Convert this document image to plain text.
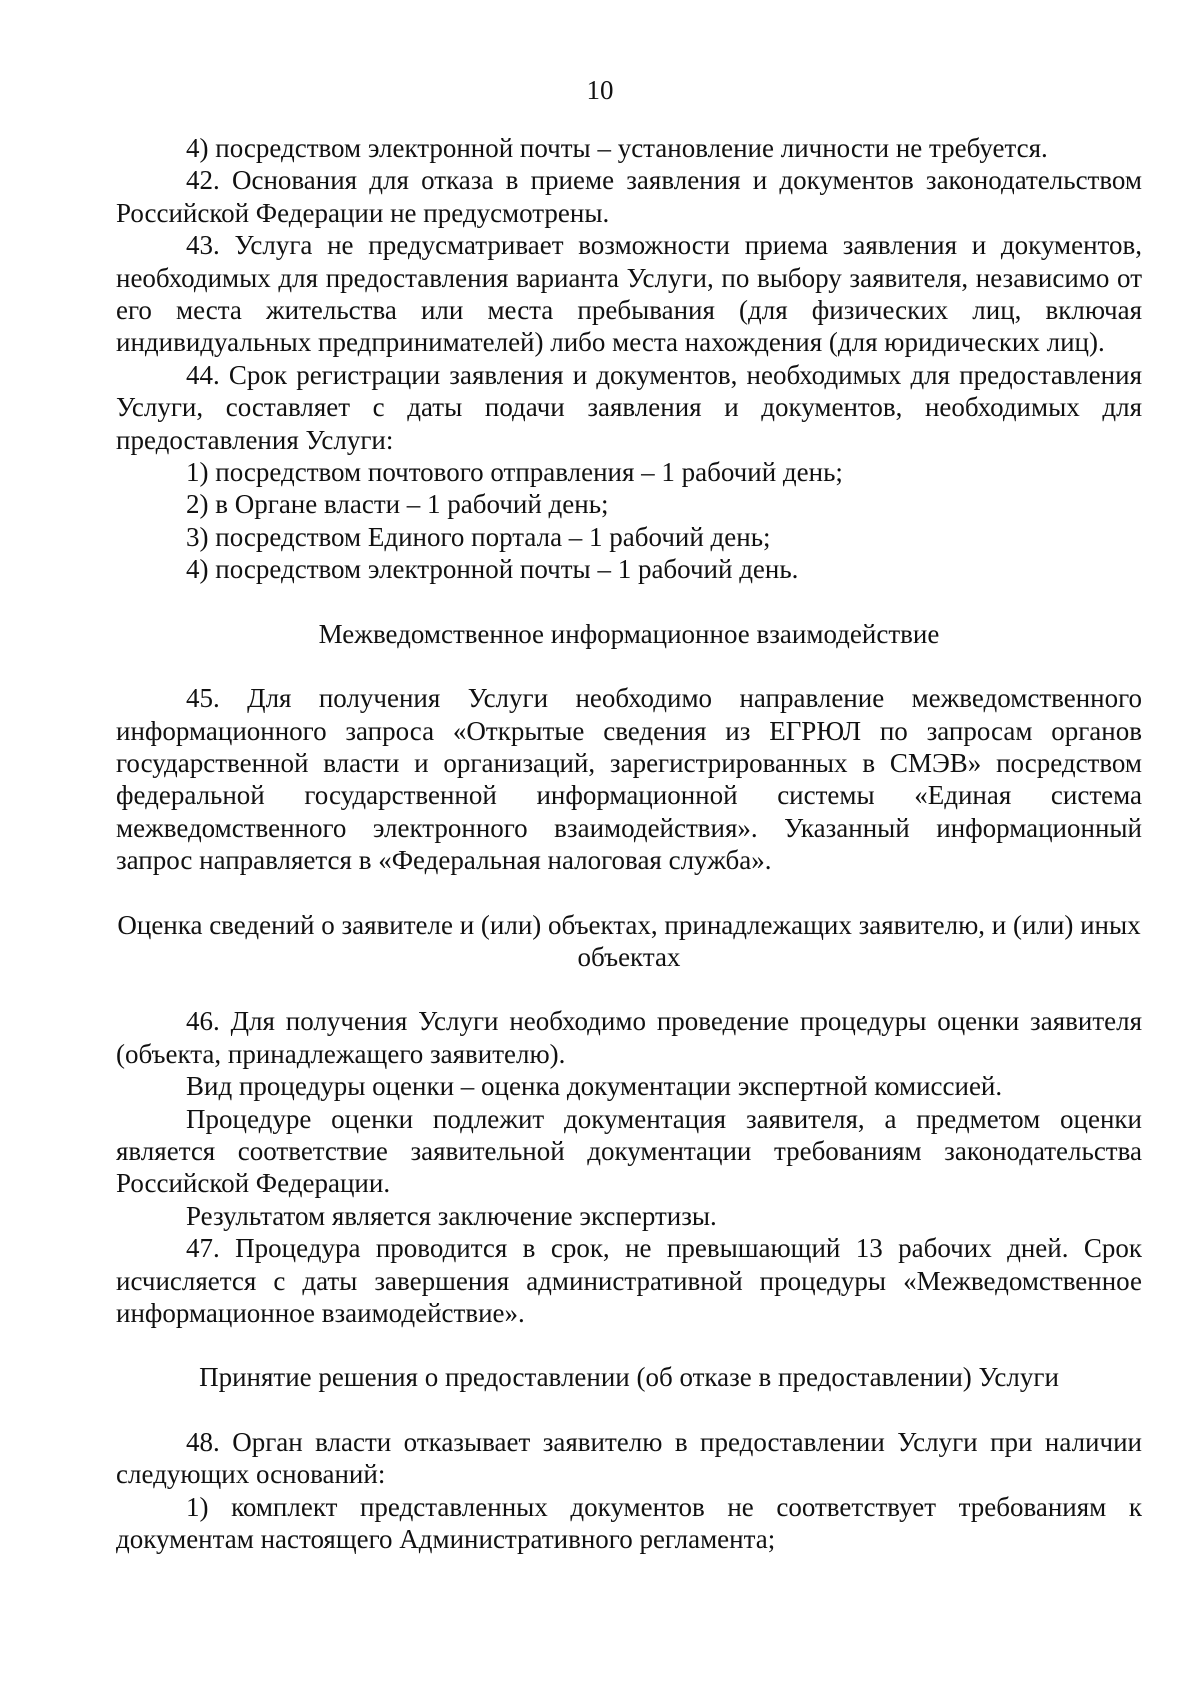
10

4) посредством электронной почты – установление личности не требуется.

42. Основания для отказа в приеме заявления и документов законодательством Российской Федерации не предусмотрены.

43. Услуга не предусматривает возможности приема заявления и документов, необходимых для предоставления варианта Услуги, по выбору заявителя, независимо от его места жительства или места пребывания (для физических лиц, включая индивидуальных предпринимателей) либо места нахождения (для юридических лиц).

44. Срок регистрации заявления и документов, необходимых для предоставления Услуги, составляет с даты подачи заявления и документов, необходимых для предоставления Услуги:

1) посредством почтового отправления – 1 рабочий день;

2) в Органе власти – 1 рабочий день;

3) посредством Единого портала – 1 рабочий день;

4) посредством электронной почты – 1 рабочий день.

Межведомственное информационное взаимодействие

45. Для получения Услуги необходимо направление межведомственного информационного запроса «Открытые сведения из ЕГРЮЛ по запросам органов государственной власти и организаций, зарегистрированных в СМЭВ» посредством федеральной государственной информационной системы «Единая система межведомственного электронного взаимодействия». Указанный информационный запрос направляется в «Федеральная налоговая служба».

Оценка сведений о заявителе и (или) объектах, принадлежащих заявителю, и (или) иных объектах

46. Для получения Услуги необходимо проведение процедуры оценки заявителя (объекта, принадлежащего заявителю).

Вид процедуры оценки – оценка документации экспертной комиссией.

Процедуре оценки подлежит документация заявителя, а предметом оценки является соответствие заявительной документации требованиям законодательства Российской Федерации.

Результатом является заключение экспертизы.

47. Процедура проводится в срок, не превышающий 13 рабочих дней. Срок исчисляется с даты завершения административной процедуры «Межведомственное информационное взаимодействие».

Принятие решения о предоставлении (об отказе в предоставлении) Услуги

48. Орган власти отказывает заявителю в предоставлении Услуги при наличии следующих оснований:

1) комплект представленных документов не соответствует требованиям к документам настоящего Административного регламента;
